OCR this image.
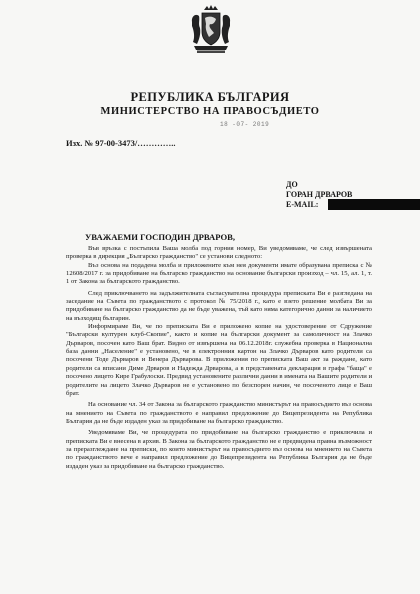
РЕПУБЛИКА БЪЛГАРИЯ
МИНИСТЕРСТВО НА ПРАВОСЪДИЕТО
18 -07- 2019
Изх. № 97-00-3473/…………..
ДО
ГОРАН ДРВАРОВ
E-MAIL:
УВАЖАЕМИ ГОСПОДИН ДРВАРОВ,

Във връзка с постъпила Ваша молба под горния номер, Ви уведомяваме, че след извършената проверка в дирекция „Българско гражданство" се установи следното:

Въз основа на подадена молба и приложените към нея документи имате образувана преписка с № 12608/2017 г. за придобиване на българско гражданство на основание български произход – чл. 15, ал. 1, т. 1 от Закона за българското гражданство.

След приключването на задължителната съгласувателна процедура преписката Ви е разгледана на заседание на Съвета по гражданството с протокол № 75/2018 г., като е взето решение молбата Ви за придобиване на българско гражданство да не бъде уважена, тъй като няма категорично данни за наличието на възходящ българин.

Информираме Ви, че по преписката Ви е приложено копие на удостоверение от Сдружение "Български културен клуб-Скопие", както и копие на български документ за самоличност на Злачко Дърваров, посочен като Ваш брат. Видно от извършена на 06.12.2018г. служебна проверка в Национална база данни „Население" е установено, че в електронния картон на Злачко Дърваров като родители са посочени Тоде Дърваров и Венера Дърварова. В приложения по преписката Ваш акт за раждане, като родители са вписани Диме Дрваров и Надежда Дрварова, а в представената декларация в графа "баща" е посочено лицето Кире Грабулоски. Предвид установените различни данни в имената на Вашите родители и родителите на лицето Злачко Дърваров не е установено по безспорен начин, че посоченото лице е Ваш брат.

На основание чл. 34 от Закона за българското гражданство министърът на правосъдието въз основа на мнението на Съвета по гражданството е направил предложение до Вицепрезидента на Република България да не бъде издаден указ за придобиване на българско гражданство.

Уведомяваме Ви, че процедурата по придобиване на българско гражданство е приключила и преписката Ви е внесена в архив. В Закона за българското гражданство не е предвидена правна възможност за преразглеждане на преписки, по които министърът на правосъдието въз основа на мнението на Съвета по гражданството вече е направил предложение до Вицепрезидента на Република България да не бъде издаден указ за придобиване на българско гражданство.
